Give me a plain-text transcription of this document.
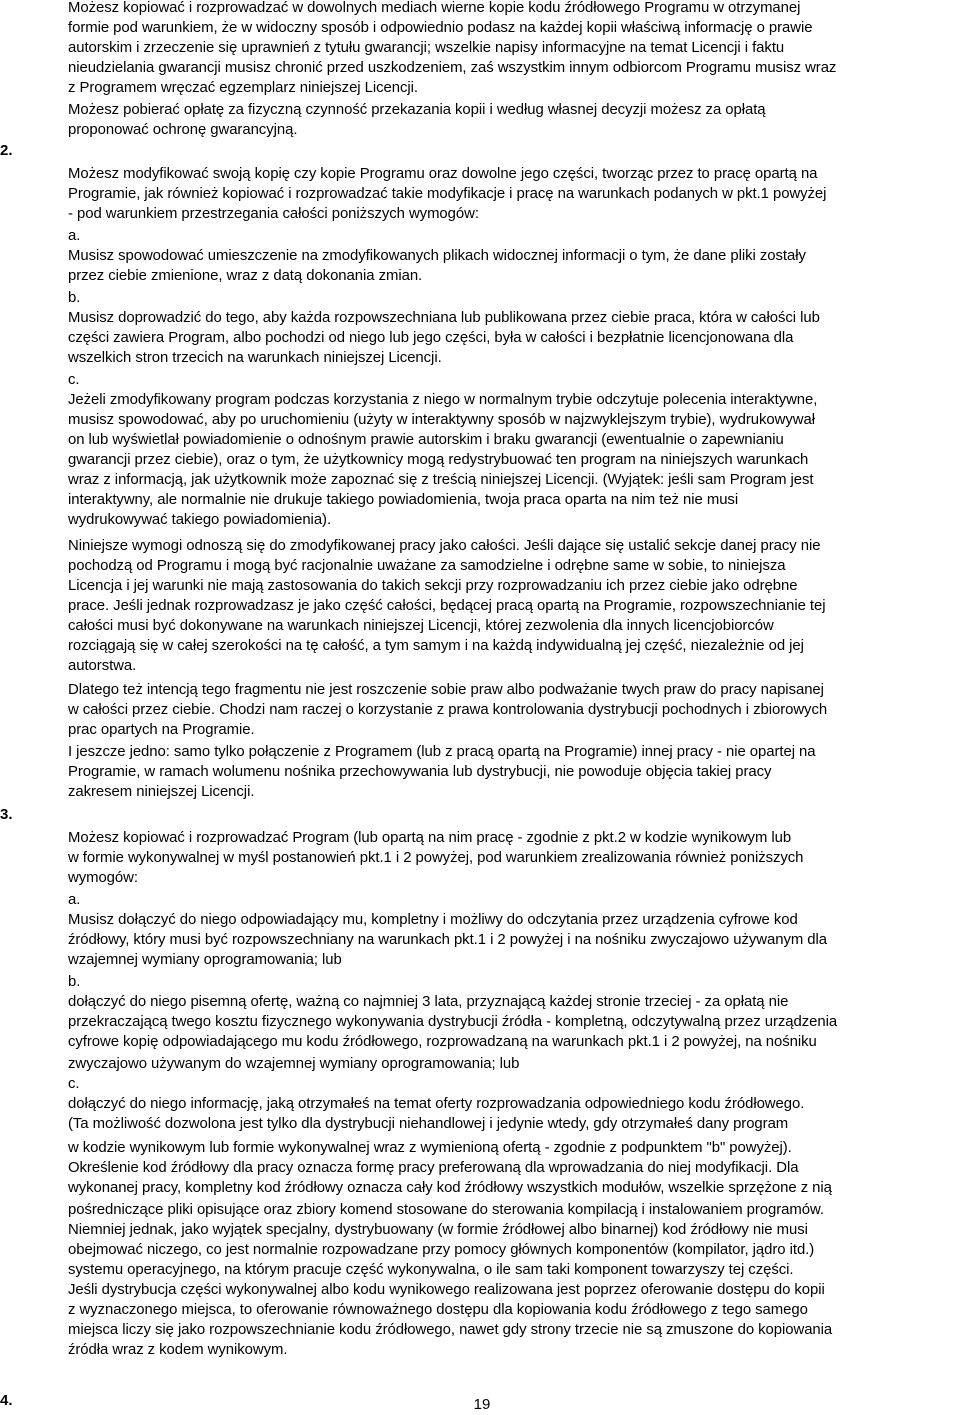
2.
3.
4.
Możesz kopiować i rozprowadzać w dowolnych mediach wierne kopie kodu źródłowego Programu w otrzymanej
formie pod warunkiem, że w widoczny sposób i odpowiednio podasz na każdej kopii właściwą informację o prawie
autorskim i zrzeczenie się uprawnień z tytułu gwarancji; wszelkie napisy informacyjne na temat Licencji i faktu
nieudzielania gwarancji musisz chronić przed uszkodzeniem, zaś wszystkim innym odbiorcom Programu musisz wraz
z Programem wręczać egzemplarz niniejszej Licencji.
Możesz pobierać opłatę za fizyczną czynność przekazania kopii i według własnej decyzji możesz za opłatą
proponować ochronę gwarancyjną.
Możesz modyfikować swoją kopię czy kopie Programu oraz dowolne jego części, tworząc przez to pracę opartą na
Programie, jak również kopiować i rozprowadzać takie modyfikacje i pracę na warunkach podanych w pkt.1 powyżej
- pod warunkiem przestrzegania całości poniższych wymogów:
a.
Musisz spowodować umieszczenie na zmodyfikowanych plikach widocznej informacji o tym, że dane pliki zostały
przez ciebie zmienione, wraz z datą dokonania zmian.
b.
Musisz doprowadzić do tego, aby każda rozpowszechniana lub publikowana przez ciebie praca, która w całości lub
części zawiera Program, albo pochodzi od niego lub jego części, była w całości i bezpłatnie licencjonowana dla
wszelkich stron trzecich na warunkach niniejszej Licencji.
c.
Jeżeli zmodyfikowany program podczas korzystania z niego w normalnym trybie odczytuje polecenia interaktywne,
musisz spowodować, aby po uruchomieniu (użyty w interaktywny sposób w najzwyklejszym trybie), wydrukowywał
on lub wyświetlał powiadomienie o odnośnym prawie autorskim i braku gwarancji (ewentualnie o zapewnianiu
gwarancji przez ciebie), oraz o tym, że użytkownicy mogą redystrybuować ten program na niniejszych warunkach
wraz z informacją, jak użytkownik może zapoznać się z treścią niniejszej Licencji. (Wyjątek: jeśli sam Program jest
interaktywny, ale normalnie nie drukuje takiego powiadomienia, twoja praca oparta na nim też nie musi
wydrukowywać takiego powiadomienia).
Niniejsze wymogi odnoszą się do zmodyfikowanej pracy jako całości. Jeśli dające się ustalić sekcje danej pracy nie
pochodzą od Programu i mogą być racjonalnie uważane za samodzielne i odrębne same w sobie, to niniejsza
Licencja i jej warunki nie mają zastosowania do takich sekcji przy rozprowadzaniu ich przez ciebie jako odrębne
prace. Jeśli jednak rozprowadzasz je jako część całości, będącej pracą opartą na Programie, rozpowszechnianie tej
całości musi być dokonywane na warunkach niniejszej Licencji, której zezwolenia dla innych licencjobiorców
rozciągają się w całej szerokości na tę całość, a tym samym i na każdą indywidualną jej część, niezależnie od jej
autorstwa.
Dlatego też intencją tego fragmentu nie jest roszczenie sobie praw albo podważanie twych praw do pracy napisanej
w całości przez ciebie. Chodzi nam raczej o korzystanie z prawa kontrolowania dystrybucji pochodnych i zbiorowych
prac opartych na Programie.
I jeszcze jedno: samo tylko połączenie z Programem (lub z pracą opartą na Programie) innej pracy - nie opartej na
Programie, w ramach wolumenu nośnika przechowywania lub dystrybucji, nie powoduje objęcia takiej pracy
zakresem niniejszej Licencji.
Możesz kopiować i rozprowadzać Program (lub opartą na nim pracę - zgodnie z pkt.2 w kodzie wynikowym lub
w formie wykonywalnej w myśl postanowień pkt.1 i 2 powyżej, pod warunkiem zrealizowania również poniższych
wymogów:
a.
Musisz dołączyć do niego odpowiadający mu, kompletny i możliwy do odczytania przez urządzenia cyfrowe kod
źródłowy, który musi być rozpowszechniany na warunkach pkt.1 i 2 powyżej i na nośniku zwyczajowo używanym dla
wzajemnej wymiany oprogramowania; lub
b.
dołączyć do niego pisemną ofertę, ważną co najmniej 3 lata, przyznającą każdej stronie trzeciej - za opłatą nie
przekraczającą twego kosztu fizycznego wykonywania dystrybucji źródła - kompletną, odczytywalną przez urządzenia
cyfrowe kopię odpowiadającego mu kodu źródłowego, rozprowadzaną na warunkach pkt.1 i 2 powyżej, na nośniku
zwyczajowo używanym do wzajemnej wymiany oprogramowania; lub
c.
dołączyć do niego informację, jaką otrzymałeś na temat oferty rozprowadzania odpowiedniego kodu źródłowego.
(Ta możliwość dozwolona jest tylko dla dystrybucji niehandlowej i jedynie wtedy, gdy otrzymałeś dany program
w kodzie wynikowym lub formie wykonywalnej wraz z wymienioną ofertą - zgodnie z podpunktem "b" powyżej).
Określenie kod źródłowy dla pracy oznacza formę pracy preferowaną dla wprowadzania do niej modyfikacji. Dla
wykonanej pracy, kompletny kod źródłowy oznacza cały kod źródłowy wszystkich modułów, wszelkie sprzężone z nią
pośredniczące pliki opisujące oraz zbiory komend stosowane do sterowania kompilacją i instalowaniem programów.
Niemniej jednak, jako wyjątek specjalny, dystrybuowany (w formie źródłowej albo binarnej) kod źródłowy nie musi
obejmować niczego, co jest normalnie rozpowadzane przy pomocy głównych komponentów (kompilator, jądro itd.)
systemu operacyjnego, na którym pracuje część wykonywalna, o ile sam taki komponent towarzyszy tej części.
Jeśli dystrybucja części wykonywalnej albo kodu wynikowego realizowana jest poprzez oferowanie dostępu do kopii
z wyznaczonego miejsca, to oferowanie równoważnego dostępu dla kopiowania kodu źródłowego z tego samego
miejsca liczy się jako rozpowszechnianie kodu źródłowego, nawet gdy strony trzecie nie są zmuszone do kopiowania
źródła wraz z kodem wynikowym.
19
